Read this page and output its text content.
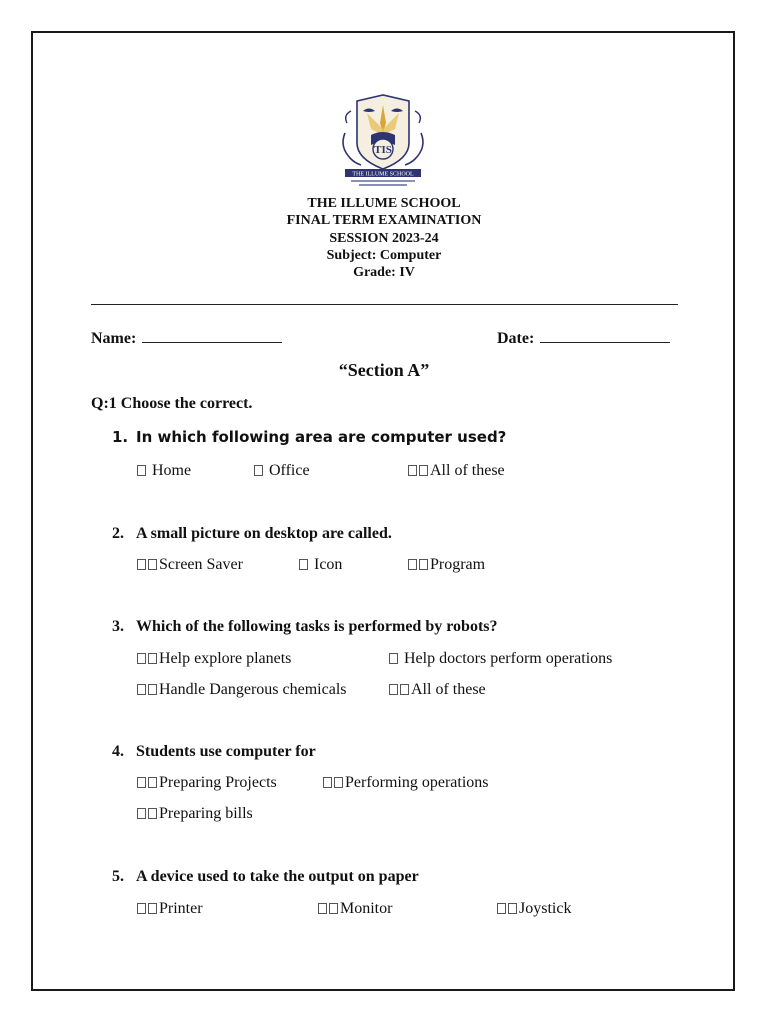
TIS
THE ILLUME SCHOOL
THE ILLUME SCHOOL
FINAL TERM EXAMINATION
SESSION 2023-24
Subject: Computer
Grade: IV
Name:	Date:
“Section A”
Q:1 Choose the correct.
1. In which following area are computer used?
Home	Office	All of these
2. A small picture on desktop are called.
Screen Saver	Icon	Program
3. Which of the following tasks is performed by robots?
Help explore planets	Help doctors perform operations
Handle Dangerous chemicals	All of these
4. Students use computer for
Preparing Projects	Performing operations
Preparing bills
5. A device used to take the output on paper
Printer	Monitor	Joystick
